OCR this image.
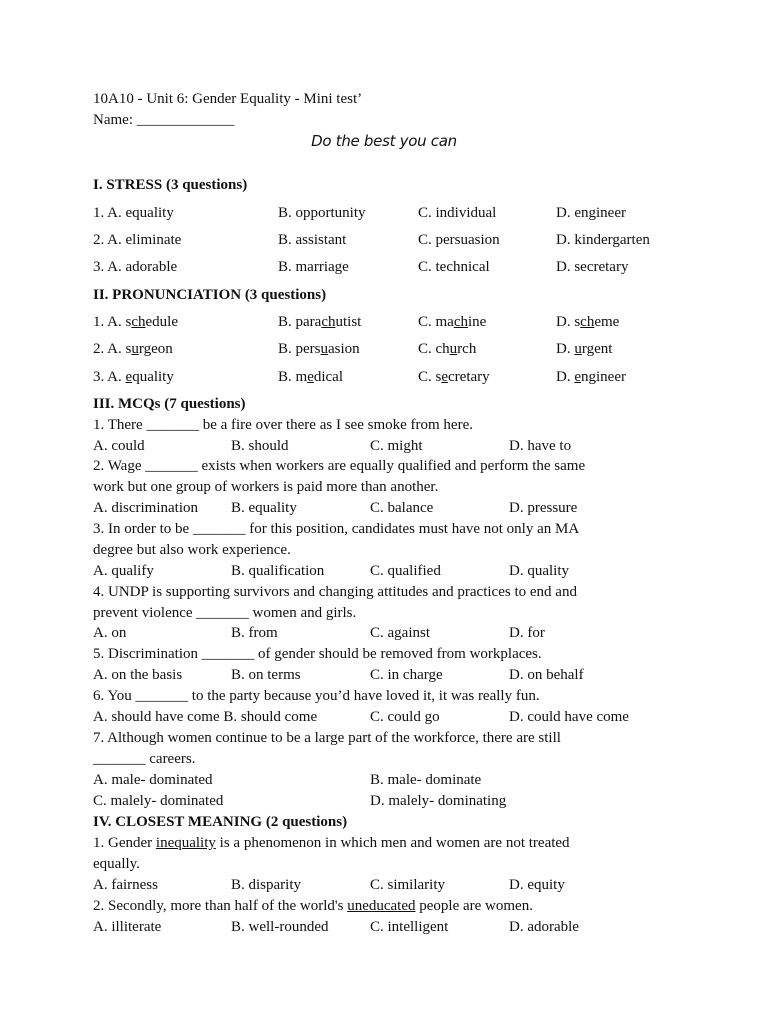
10A10 - Unit 6: Gender Equality - Mini test’
Name: _____________
Do the best you can
I. STRESS (3 questions)
1. A. equality	B. opportunity	C. individual	D. engineer
2. A. eliminate	B. assistant	C. persuasion	D. kindergarten
3. A. adorable	B. marriage	C. technical	D. secretary
II. PRONUNCIATION (3 questions)
1. A. schedule	B. parachutist	C. machine	D. scheme
2. A. surgeon	B. persuasion	C. church	D. urgent
3. A. equality	B. medical	C. secretary	D. engineer
III. MCQs (7 questions)
1. There _______ be a fire over there as I see smoke from here.
A. could	B. should	C. might	D. have to
2. Wage _______ exists when workers are equally qualified and perform the same
work but one group of workers is paid more than another.
A. discrimination B. equality	C. balance	D. pressure
3. In order to be _______ for this position, candidates must have not only an MA
degree but also work experience.
A. qualify	B. qualification	C. qualified	D. quality
4. UNDP is supporting survivors and changing attitudes and practices to end and
prevent violence _______ women and girls.
A. on	B. from	C. against	D. for
5. Discrimination _______ of gender should be removed from workplaces.
A. on the basis	B. on terms	C. in charge	D. on behalf
6. You _______ to the party because you’d have loved it, it was really fun.
A. should have come B. should come	C. could go	D. could have come
7. Although women continue to be a large part of the workforce, there are still
_______ careers.
A. male- dominated	B. male- dominate
C. malely- dominated	D. malely- dominating
IV. CLOSEST MEANING (2 questions)
1. Gender inequality is a phenomenon in which men and women are not treated
equally.
A. fairness	B. disparity	C. similarity	D. equity
2. Secondly, more than half of the world's uneducated people are women.
A. illiterate	B. well-rounded	C. intelligent	D. adorable
